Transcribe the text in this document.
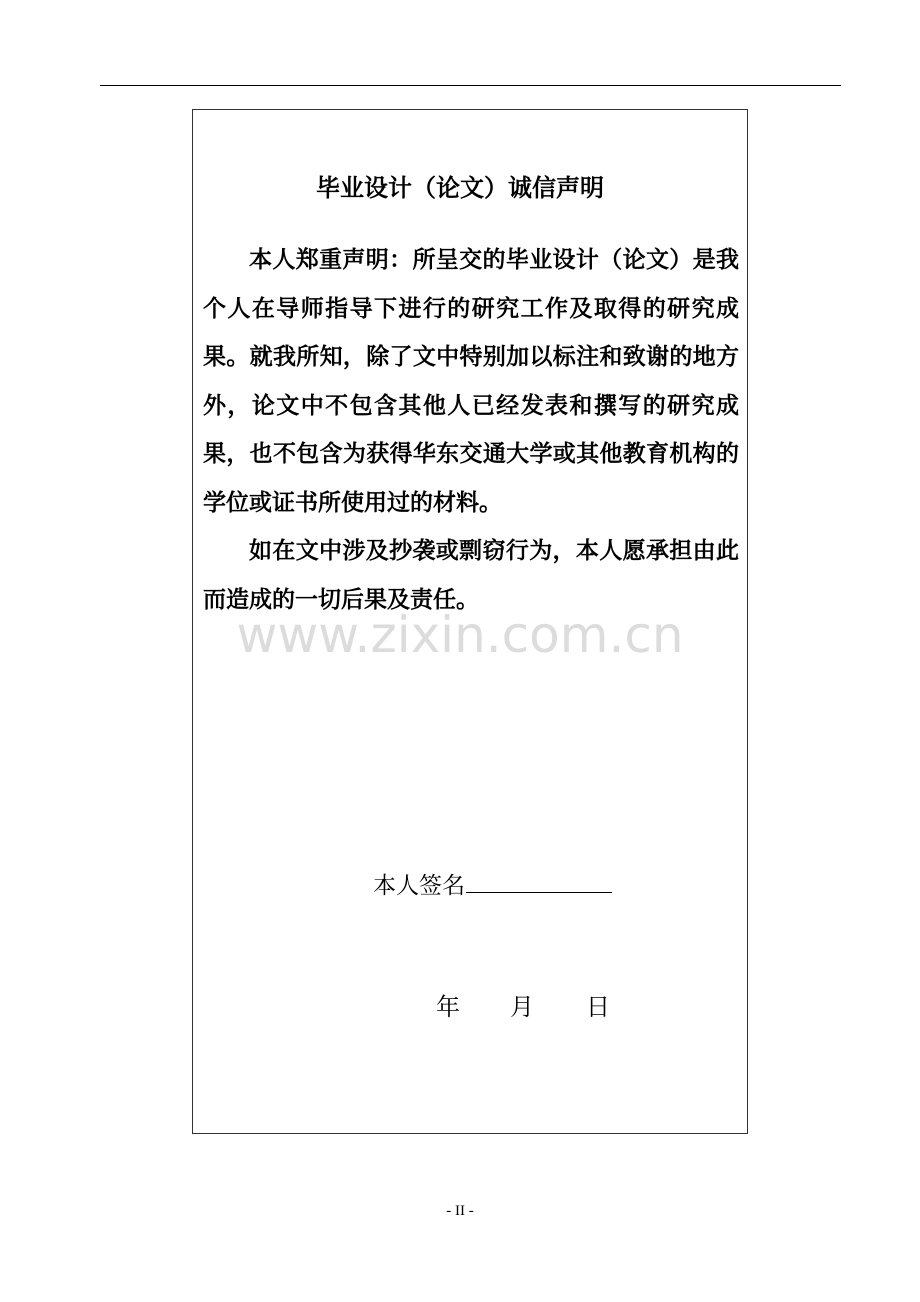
毕业设计（论文）诚信声明

本人郑重声明：所呈交的毕业设计（论文）是我个人在导师指导下进行的研究工作及取得的研究成果。就我所知，除了文中特别加以标注和致谢的地方外，论文中不包含其他人已经发表和撰写的研究成果，也不包含为获得华东交通大学或其他教育机构的学位或证书所使用过的材料。

如在文中涉及抄袭或剽窃行为，本人愿承担由此而造成的一切后果及责任。

www.zixin.com.cn
本人签名
年 月 日
- II -
